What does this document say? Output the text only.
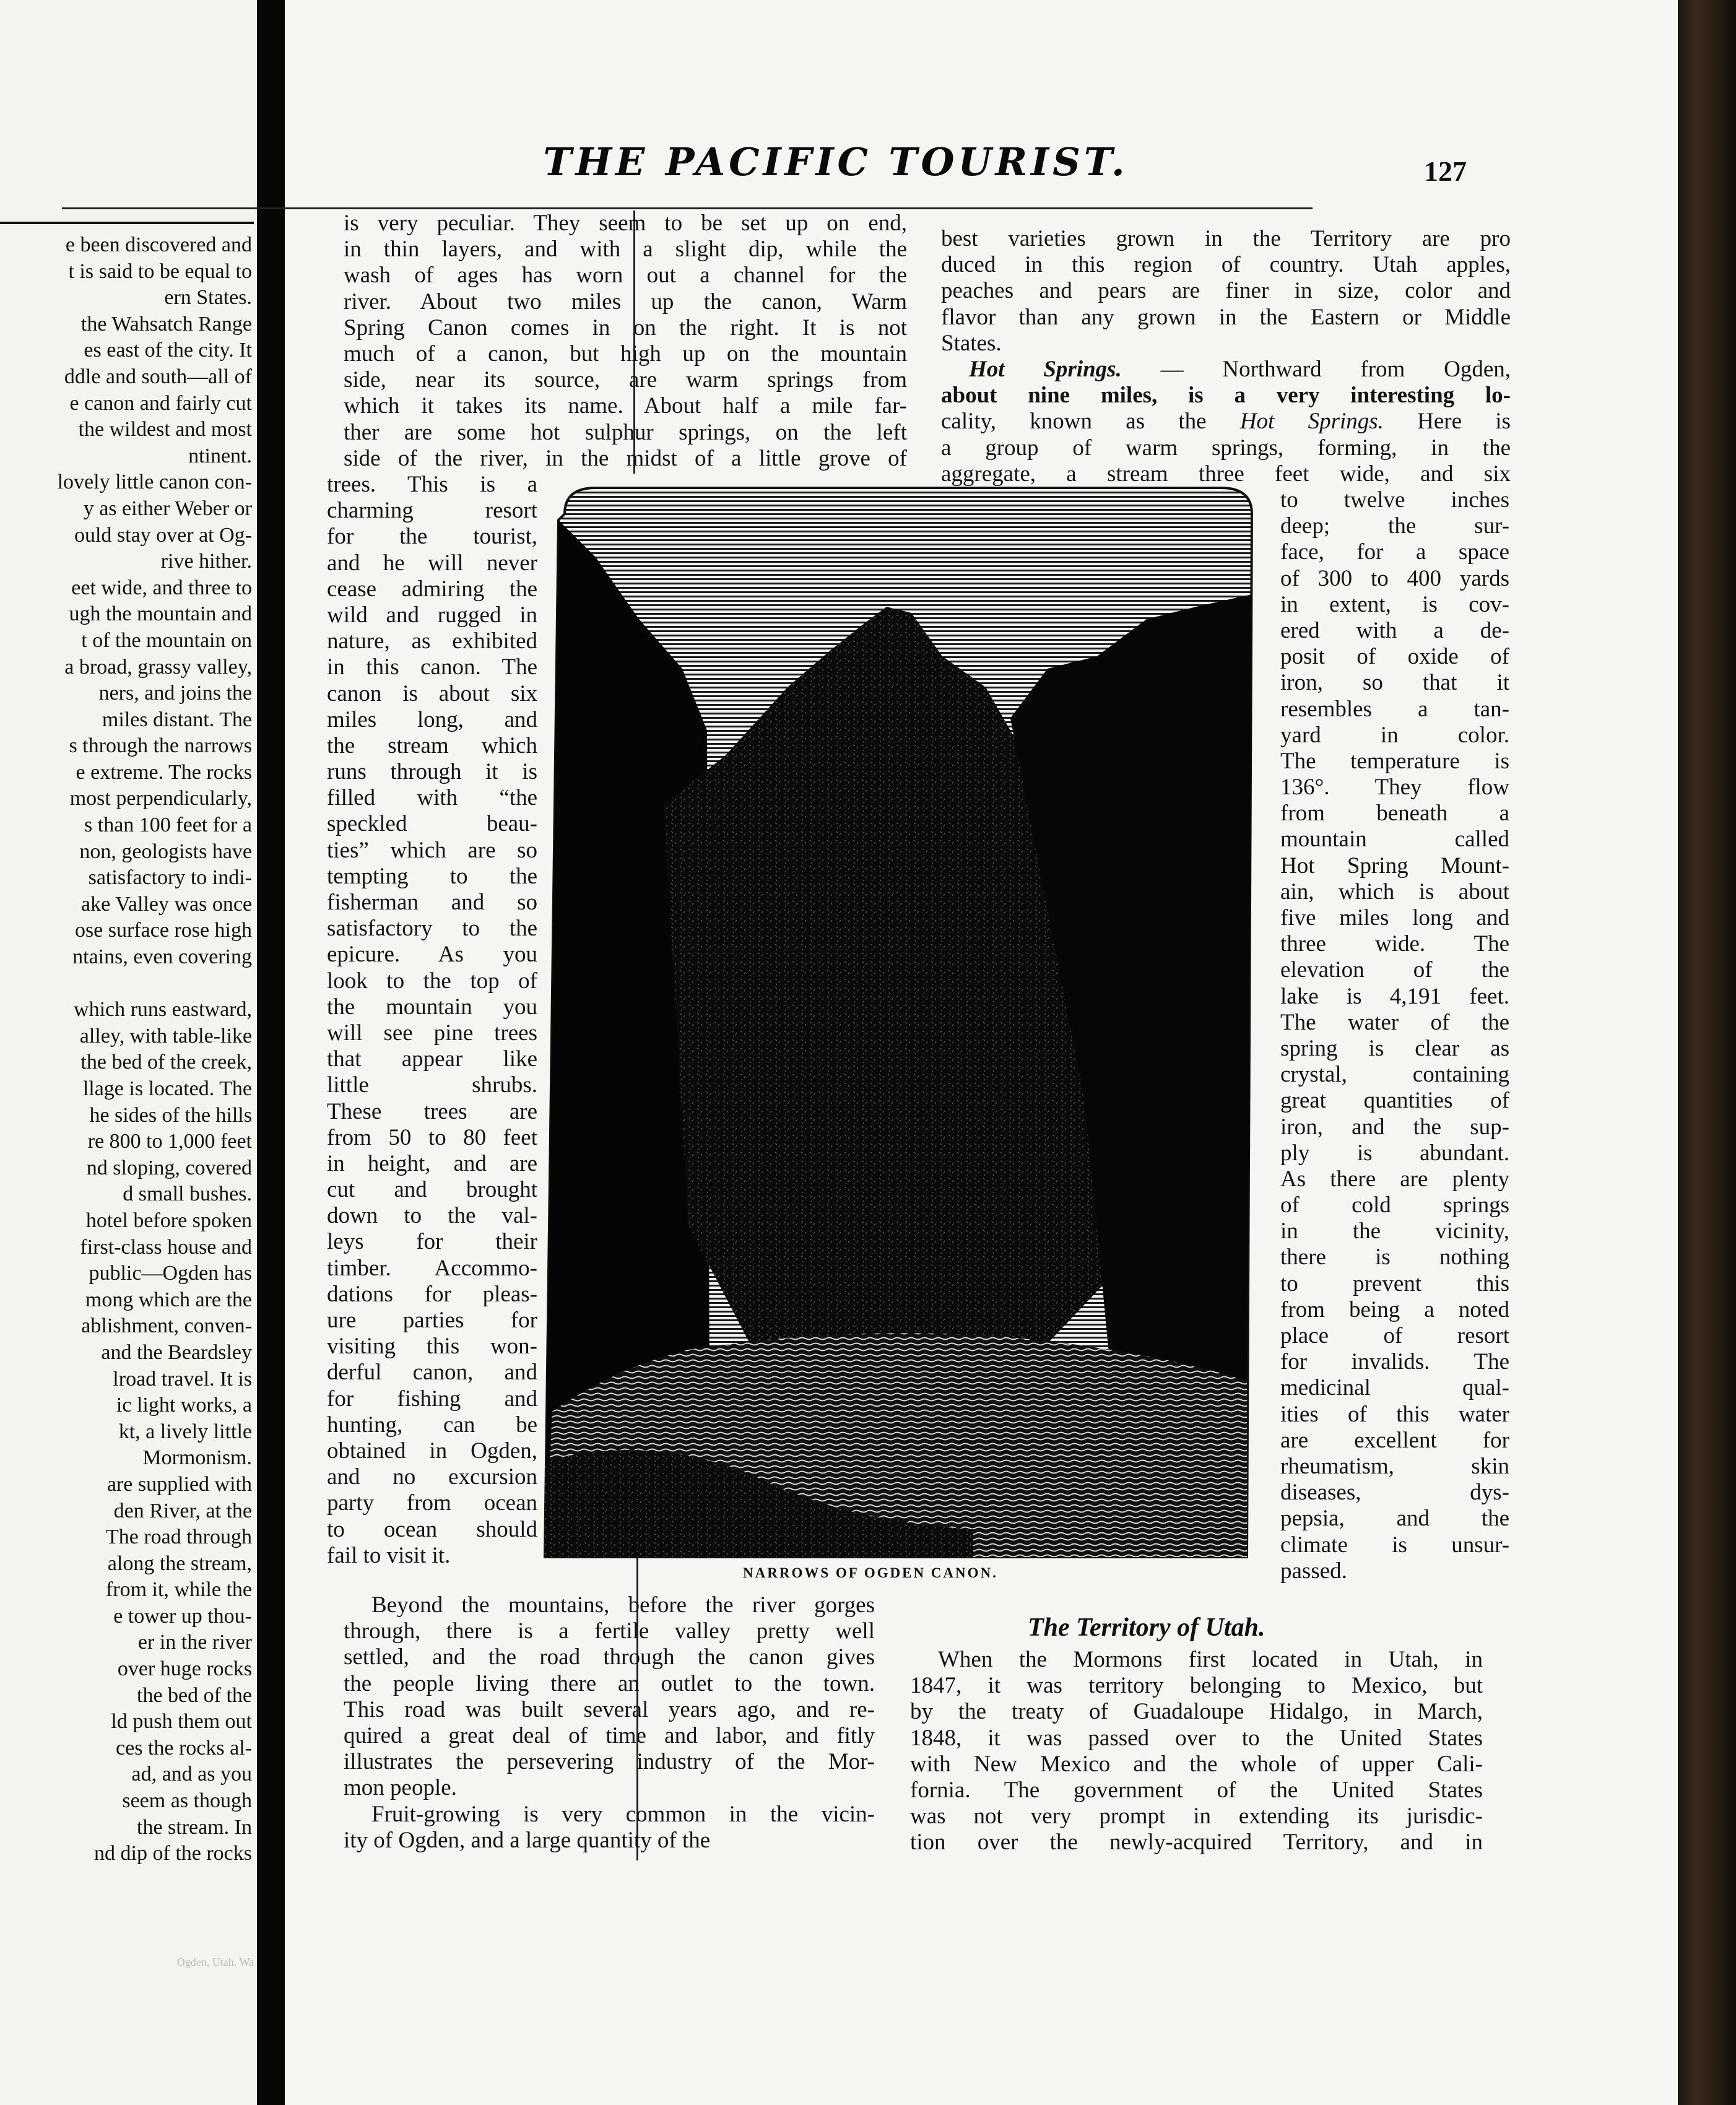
e been discovered and
t is said to be equal to
ern States.
the Wahsatch Range
es east of the city. It
ddle and south—all of
e canon and fairly cut
the wildest and most
ntinent.
lovely little canon con-
y as either Weber or
ould stay over at Og-
rive hither.
eet wide, and three to
ugh the mountain and
t of the mountain on
a broad, grassy valley,
ners, and joins the
miles distant. The
s through the narrows
e extreme. The rocks
most perpendicularly,
s than 100 feet for a
non, geologists have
satisfactory to indi-
ake Valley was once
ose surface rose high
ntains, even covering
which runs eastward,
alley, with table-like
the bed of the creek,
llage is located. The
he sides of the hills
re 800 to 1,000 feet
nd sloping, covered
d small bushes.
hotel before spoken
first-class house and
public—Ogden has
mong which are the
ablishment, conven-
and the Beardsley
lroad travel. It is
ic light works, a
kt, a lively little
Mormonism.
are supplied with
den River, at the
The road through
along the stream,
from it, while the
e tower up thou-
er in the river
over huge rocks
the bed of the
ld push them out
ces the rocks al-
ad, and as you
seem as though
the stream. In
nd dip of the rocks
Ogden, Utah. Wa
THE PACIFIC TOURIST.	127
is very peculiar. They seem to be set up on end,
in thin layers, and with a slight dip, while the
wash of ages has worn out a channel for the
river. About two miles up the canon, Warm
Spring Canon comes in on the right. It is not
much of a canon, but high up on the mountain
side, near its source, are warm springs from
which it takes its name. About half a mile far-
ther are some hot sulphur springs, on the left
side of the river, in the midst of a little grove of
trees. This is a
charming resort
for the tourist,
and he will never
cease admiring the
wild and rugged in
nature, as exhibited
in this canon. The
canon is about six
miles long, and
the stream which
runs through it is
filled with “the
speckled beau-
ties” which are so
tempting to the
fisherman and so
satisfactory to the
epicure. As you
look to the top of
the mountain you
will see pine trees
that appear like
little shrubs.
These trees are
from 50 to 80 feet
in height, and are
cut and brought
down to the val-
leys for their
timber. Accommo-
dations for pleas-
ure parties for
visiting this won-
derful canon, and
for fishing and
hunting, can be
obtained in Ogden,
and no excursion
party from ocean
to ocean should
fail to visit it.
Beyond the mountains, before the river gorges
through, there is a fertile valley pretty well
settled, and the road through the canon gives
the people living there an outlet to the town.
This road was built several years ago, and re-
quired a great deal of time and labor, and fitly
illustrates the persevering industry of the Mor-
mon people.
Fruit-growing is very common in the vicin-
ity of Ogden, and a large quantity of the
best varieties grown in the Territory are pro
duced in this region of country. Utah apples,
peaches and pears are finer in size, color and
flavor than any grown in the Eastern or Middle
States.
Hot Springs. — Northward from Ogden,
about nine miles, is a very interesting lo-
cality, known as the Hot Springs. Here is
a group of warm springs, forming, in the
aggregate, a stream three feet wide, and six
to twelve inches
deep; the sur-
face, for a space
of 300 to 400 yards
in extent, is cov-
ered with a de-
posit of oxide of
iron, so that it
resembles a tan-
yard in color.
The temperature is
136°. They flow
from beneath a
mountain called
Hot Spring Mount-
ain, which is about
five miles long and
three wide. The
elevation of the
lake is 4,191 feet.
The water of the
spring is clear as
crystal, containing
great quantities of
iron, and the sup-
ply is abundant.
As there are plenty
of cold springs
in the vicinity,
there is nothing
to prevent this
from being a noted
place of resort
for invalids. The
medicinal qual-
ities of this water
are excellent for
rheumatism, skin
diseases, dys-
pepsia, and the
climate is unsur-
passed.
The Territory of Utah.
When the Mormons first located in Utah, in
1847, it was territory belonging to Mexico, but
by the treaty of Guadaloupe Hidalgo, in March,
1848, it was passed over to the United States
with New Mexico and the whole of upper Cali-
fornia. The government of the United States
was not very prompt in extending its jurisdic-
tion over the newly-acquired Territory, and in
NARROWS OF OGDEN CANON.
